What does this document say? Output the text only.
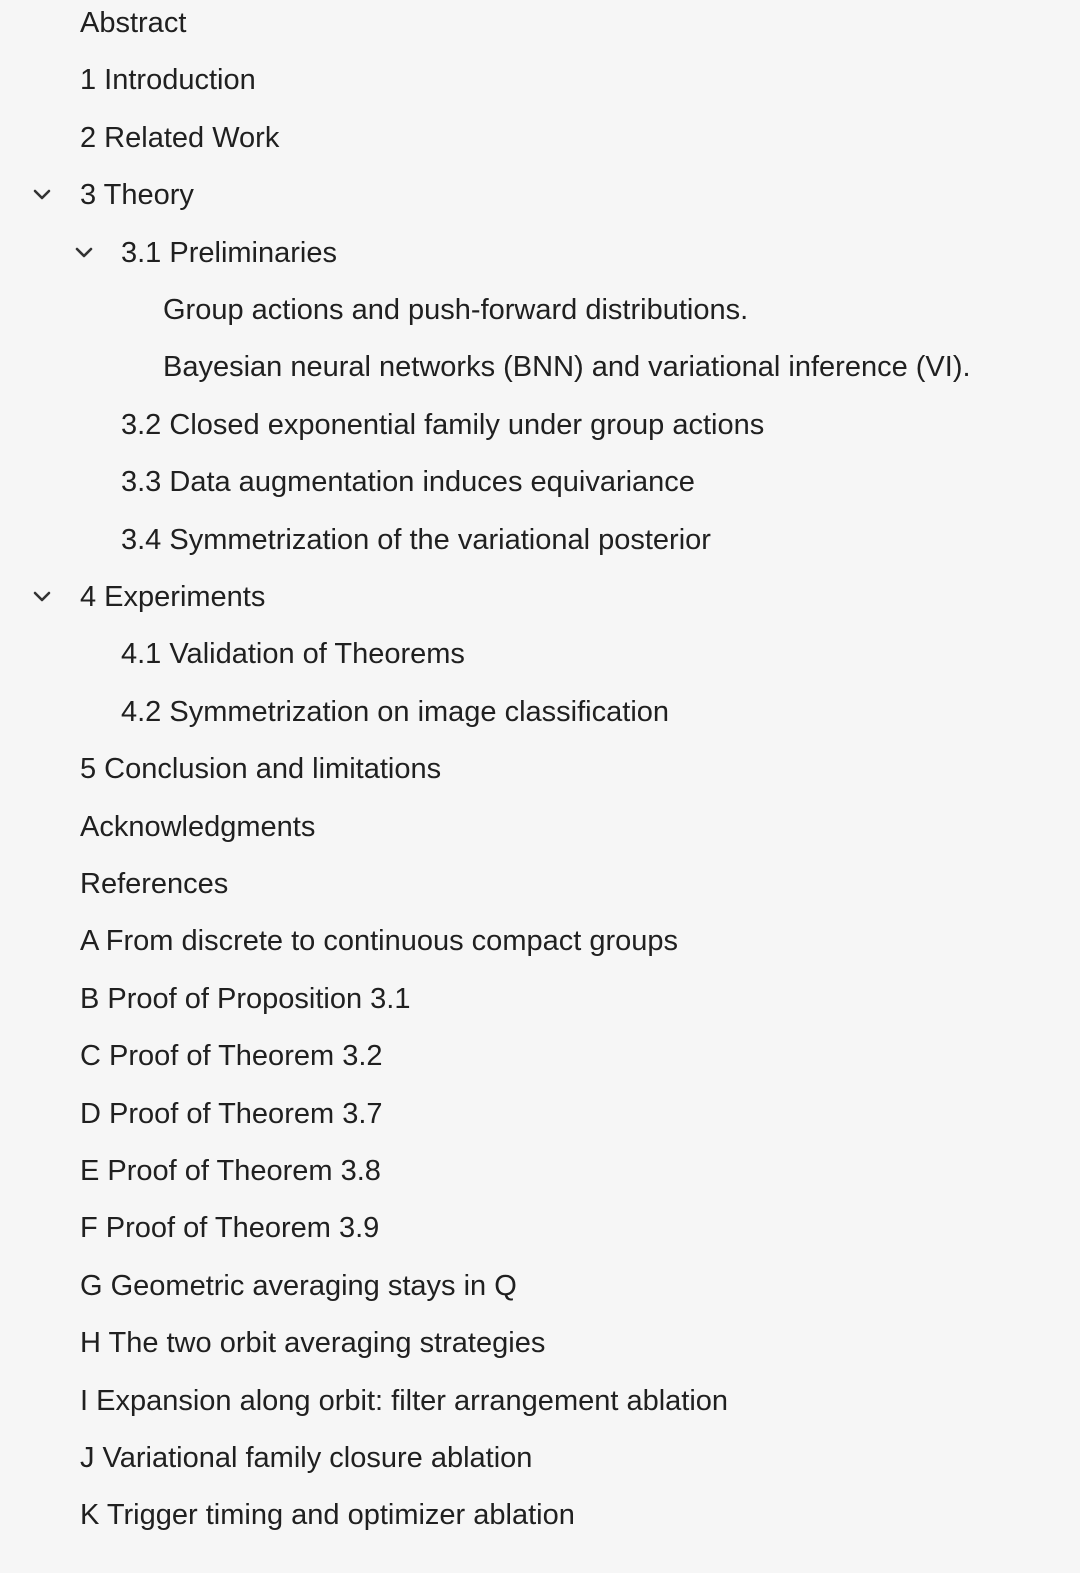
Abstract
1 Introduction
2 Related Work
3 Theory
3.1 Preliminaries
Group actions and push-forward distributions.
Bayesian neural networks (BNN) and variational inference (VI).
3.2 Closed exponential family under group actions
3.3 Data augmentation induces equivariance
3.4 Symmetrization of the variational posterior
4 Experiments
4.1 Validation of Theorems
4.2 Symmetrization on image classification
5 Conclusion and limitations
Acknowledgments
References
A From discrete to continuous compact groups
B Proof of Proposition 3.1
C Proof of Theorem 3.2
D Proof of Theorem 3.7
E Proof of Theorem 3.8
F Proof of Theorem 3.9
G Geometric averaging stays in Q
H The two orbit averaging strategies
I Expansion along orbit: filter arrangement ablation
J Variational family closure ablation
K Trigger timing and optimizer ablation
